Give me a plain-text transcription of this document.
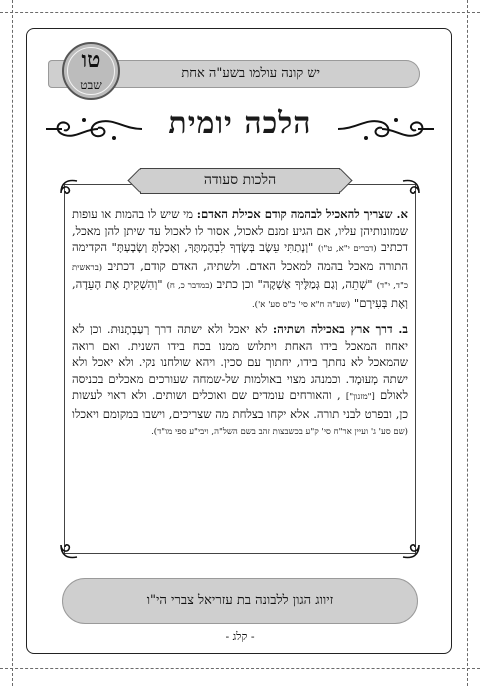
יש קונה עולמו בשע"ה אחת
טו
שבט
הלכה יומית
הלכות סעודה

א. שצריך להאכיל לבהמה קודם אכילת האדם: מי שיש לו בהמות או עופות שמזונותיהן עליו, אם הגיע זמנם לאכול, אסור לו לאכול עד שיתן להן מאכל, דכתיב (דברים י"א, ט"ו) "וְנָתַתִּי עֵשֶׂב בְּשָׂדְךָ לִבְהֶמְתֶּךָ, וְאָכַלְתָּ וְשָׂבָעְתָּ" הקדימה התורה מאכל בהמה למאכל האדם. ולשתיה, האדם קודם, דכתיב (בראשית כ"ד, י"ד) "שְׁתֵה, וְגַם גְּמַלֶּיךָ אַשְׁקֶה" וכן כתיב (במדבר כ, ח) "וְהִשְׁקִיתָ אֶת הָעֵדָה, וְאֶת בְּעִירָם" (שע"ה ח"א סי' כ"ס סע' א').

ב. דרך ארץ באכילה ושתיה: לא יאכל ולא ישתה דרך רְעַבְתָנוּת. וכן לא יאחוז המאכל בידו האחת ויתלוש ממנו בכח בידו השנית. ואם רואה שהמאכל לא נחתך בידו, יחתוך עם סכין. ויהא שולחנו נקי. ולא יאכל ולא ישתה מְעוּמָד. וכמנהג מצוי באולמות של-שמחה שעורכים מאכלים בכניסה לאולם ["מזנון"] , והאורחים עומדים שם ואוכלים ושותים. ולא ראוי לעשות כן, ובפרט לבני תורה. אלא יקחו בצלחת מה שצריכים, וישבו במקומם ויאכלו (שם סע' ג' ועיין אר"ח סי' ק"ע בכשבצות זהב בשם השל"ה, ויבי"ע ספי מו"ד).

זיווג הגון ללבונה בת עזריאל צברי הי"ו
- קלג -
